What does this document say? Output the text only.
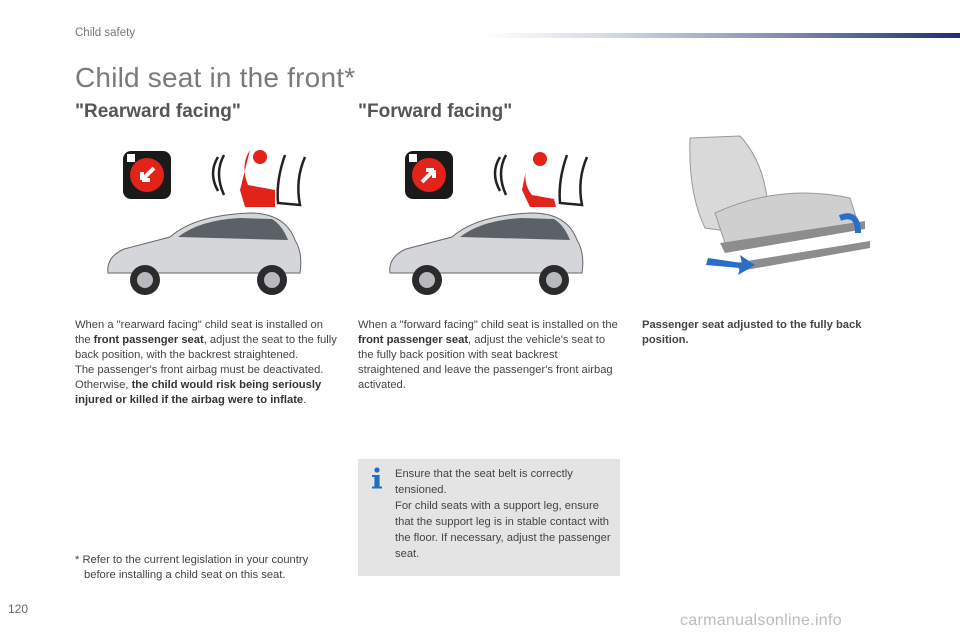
Child safety
Child seat in the front*
"Rearward facing"	"Forward facing"
When a "rearward facing" child seat is installed on the front passenger seat, adjust the seat to the fully back position, with the backrest straightened.
The passenger's front airbag must be deactivated. Otherwise, the child would risk being seriously injured or killed if the airbag were to inflate.
When a "forward facing" child seat is installed on the front passenger seat, adjust the vehicle's seat to the fully back position with seat backrest straightened and leave the passenger's front airbag activated.
Passenger seat adjusted to the fully back position.
Ensure that the seat belt is correctly tensioned.
For child seats with a support leg, ensure that the support leg is in stable contact with the floor. If necessary, adjust the passenger seat.
* Refer to the current legislation in your country
before installing a child seat on this seat.
120
carmanualsonline.info
